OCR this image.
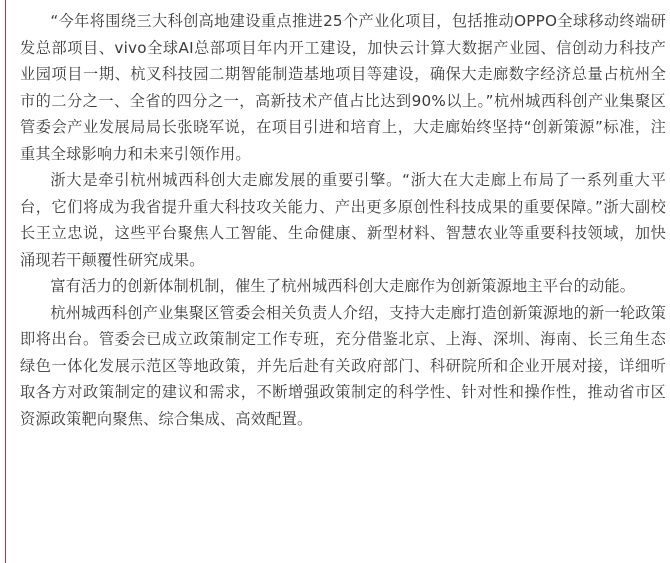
“今年将围绕三大科创高地建设重点推进25个产业化项目，包括推动OPPO全球移动终端研发总部项目、vivo全球AI总部项目年内开工建设，加快云计算大数据产业园、信创动力科技产业园项目一期、杭叉科技园二期智能制造基地项目等建设，确保大走廊数字经济总量占杭州全市的二分之一、全省的四分之一，高新技术产值占比达到90%以上。”杭州城西科创产业集聚区管委会产业发展局局长张晓军说，在项目引进和培育上，大走廊始终坚持“创新策源”标准，注重其全球影响力和未来引领作用。

浙大是牵引杭州城西科创大走廊发展的重要引擎。“浙大在大走廊上布局了一系列重大平台，它们将成为我省提升重大科技攻关能力、产出更多原创性科技成果的重要保障。”浙大副校长王立忠说，这些平台聚焦人工智能、生命健康、新型材料、智慧农业等重要科技领域，加快涌现若干颠覆性研究成果。

富有活力的创新体制机制，催生了杭州城西科创大走廊作为创新策源地主平台的动能。

杭州城西科创产业集聚区管委会相关负责人介绍，支持大走廊打造创新策源地的新一轮政策即将出台。管委会已成立政策制定工作专班，充分借鉴北京、上海、深圳、海南、长三角生态绿色一体化发展示范区等地政策，并先后赴有关政府部门、科研院所和企业开展对接，详细听取各方对政策制定的建议和需求，不断增强政策制定的科学性、针对性和操作性，推动省市区资源政策靶向聚焦、综合集成、高效配置。
